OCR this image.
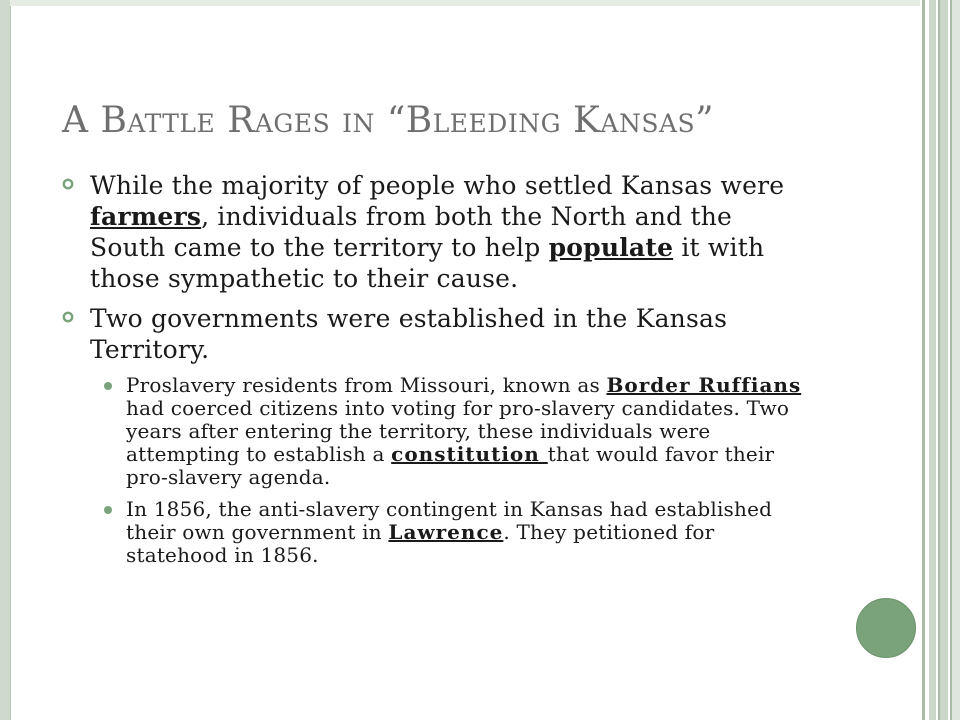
A Battle Rages in “Bleeding Kansas”
While the majority of people who settled Kansas were farmers, individuals from both the North and the South came to the territory to help populate it with those sympathetic to their cause.
Two governments were established in the Kansas Territory.
Proslavery residents from Missouri, known as Border Ruffians had coerced citizens into voting for pro-slavery candidates. Two years after entering the territory, these individuals were attempting to establish a constitution that would favor their pro-slavery agenda.
In 1856, the anti-slavery contingent in Kansas had established their own government in Lawrence. They petitioned for statehood in 1856.
